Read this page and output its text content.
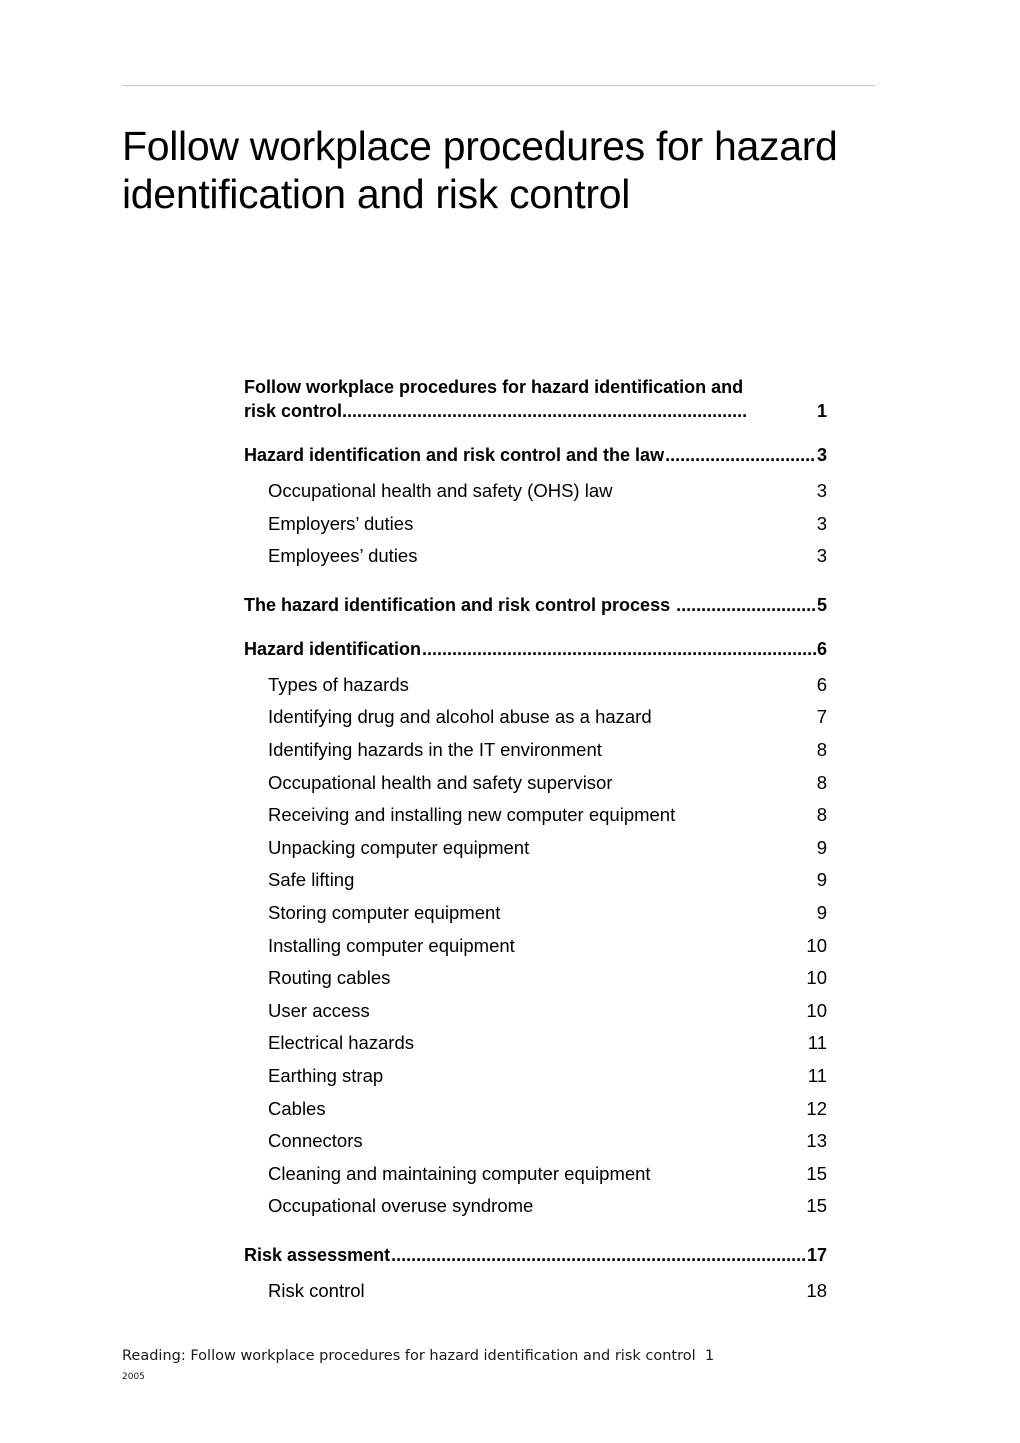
Follow workplace procedures for hazard identification and risk control
Follow workplace procedures for hazard identification and
risk control .....	1
Hazard identification and risk control and the law .....	3
Occupational health and safety (OHS) law	3
Employers’ duties	3
Employees’ duties	3
The hazard identification and risk control process .....	5
Hazard identification .....	6
Types of hazards	6
Identifying drug and alcohol abuse as a hazard	7
Identifying hazards in the IT environment	8
Occupational health and safety supervisor	8
Receiving and installing new computer equipment	8
Unpacking computer equipment	9
Safe lifting	9
Storing computer equipment	9
Installing computer equipment	10
Routing cables	10
User access	10
Electrical hazards	11
Earthing strap	11
Cables	12
Connectors	13
Cleaning and maintaining computer equipment	15
Occupational overuse syndrome	15
Risk assessment .....	17
Risk control	18
Reading: Follow workplace procedures for hazard identification and risk control  1
2005
